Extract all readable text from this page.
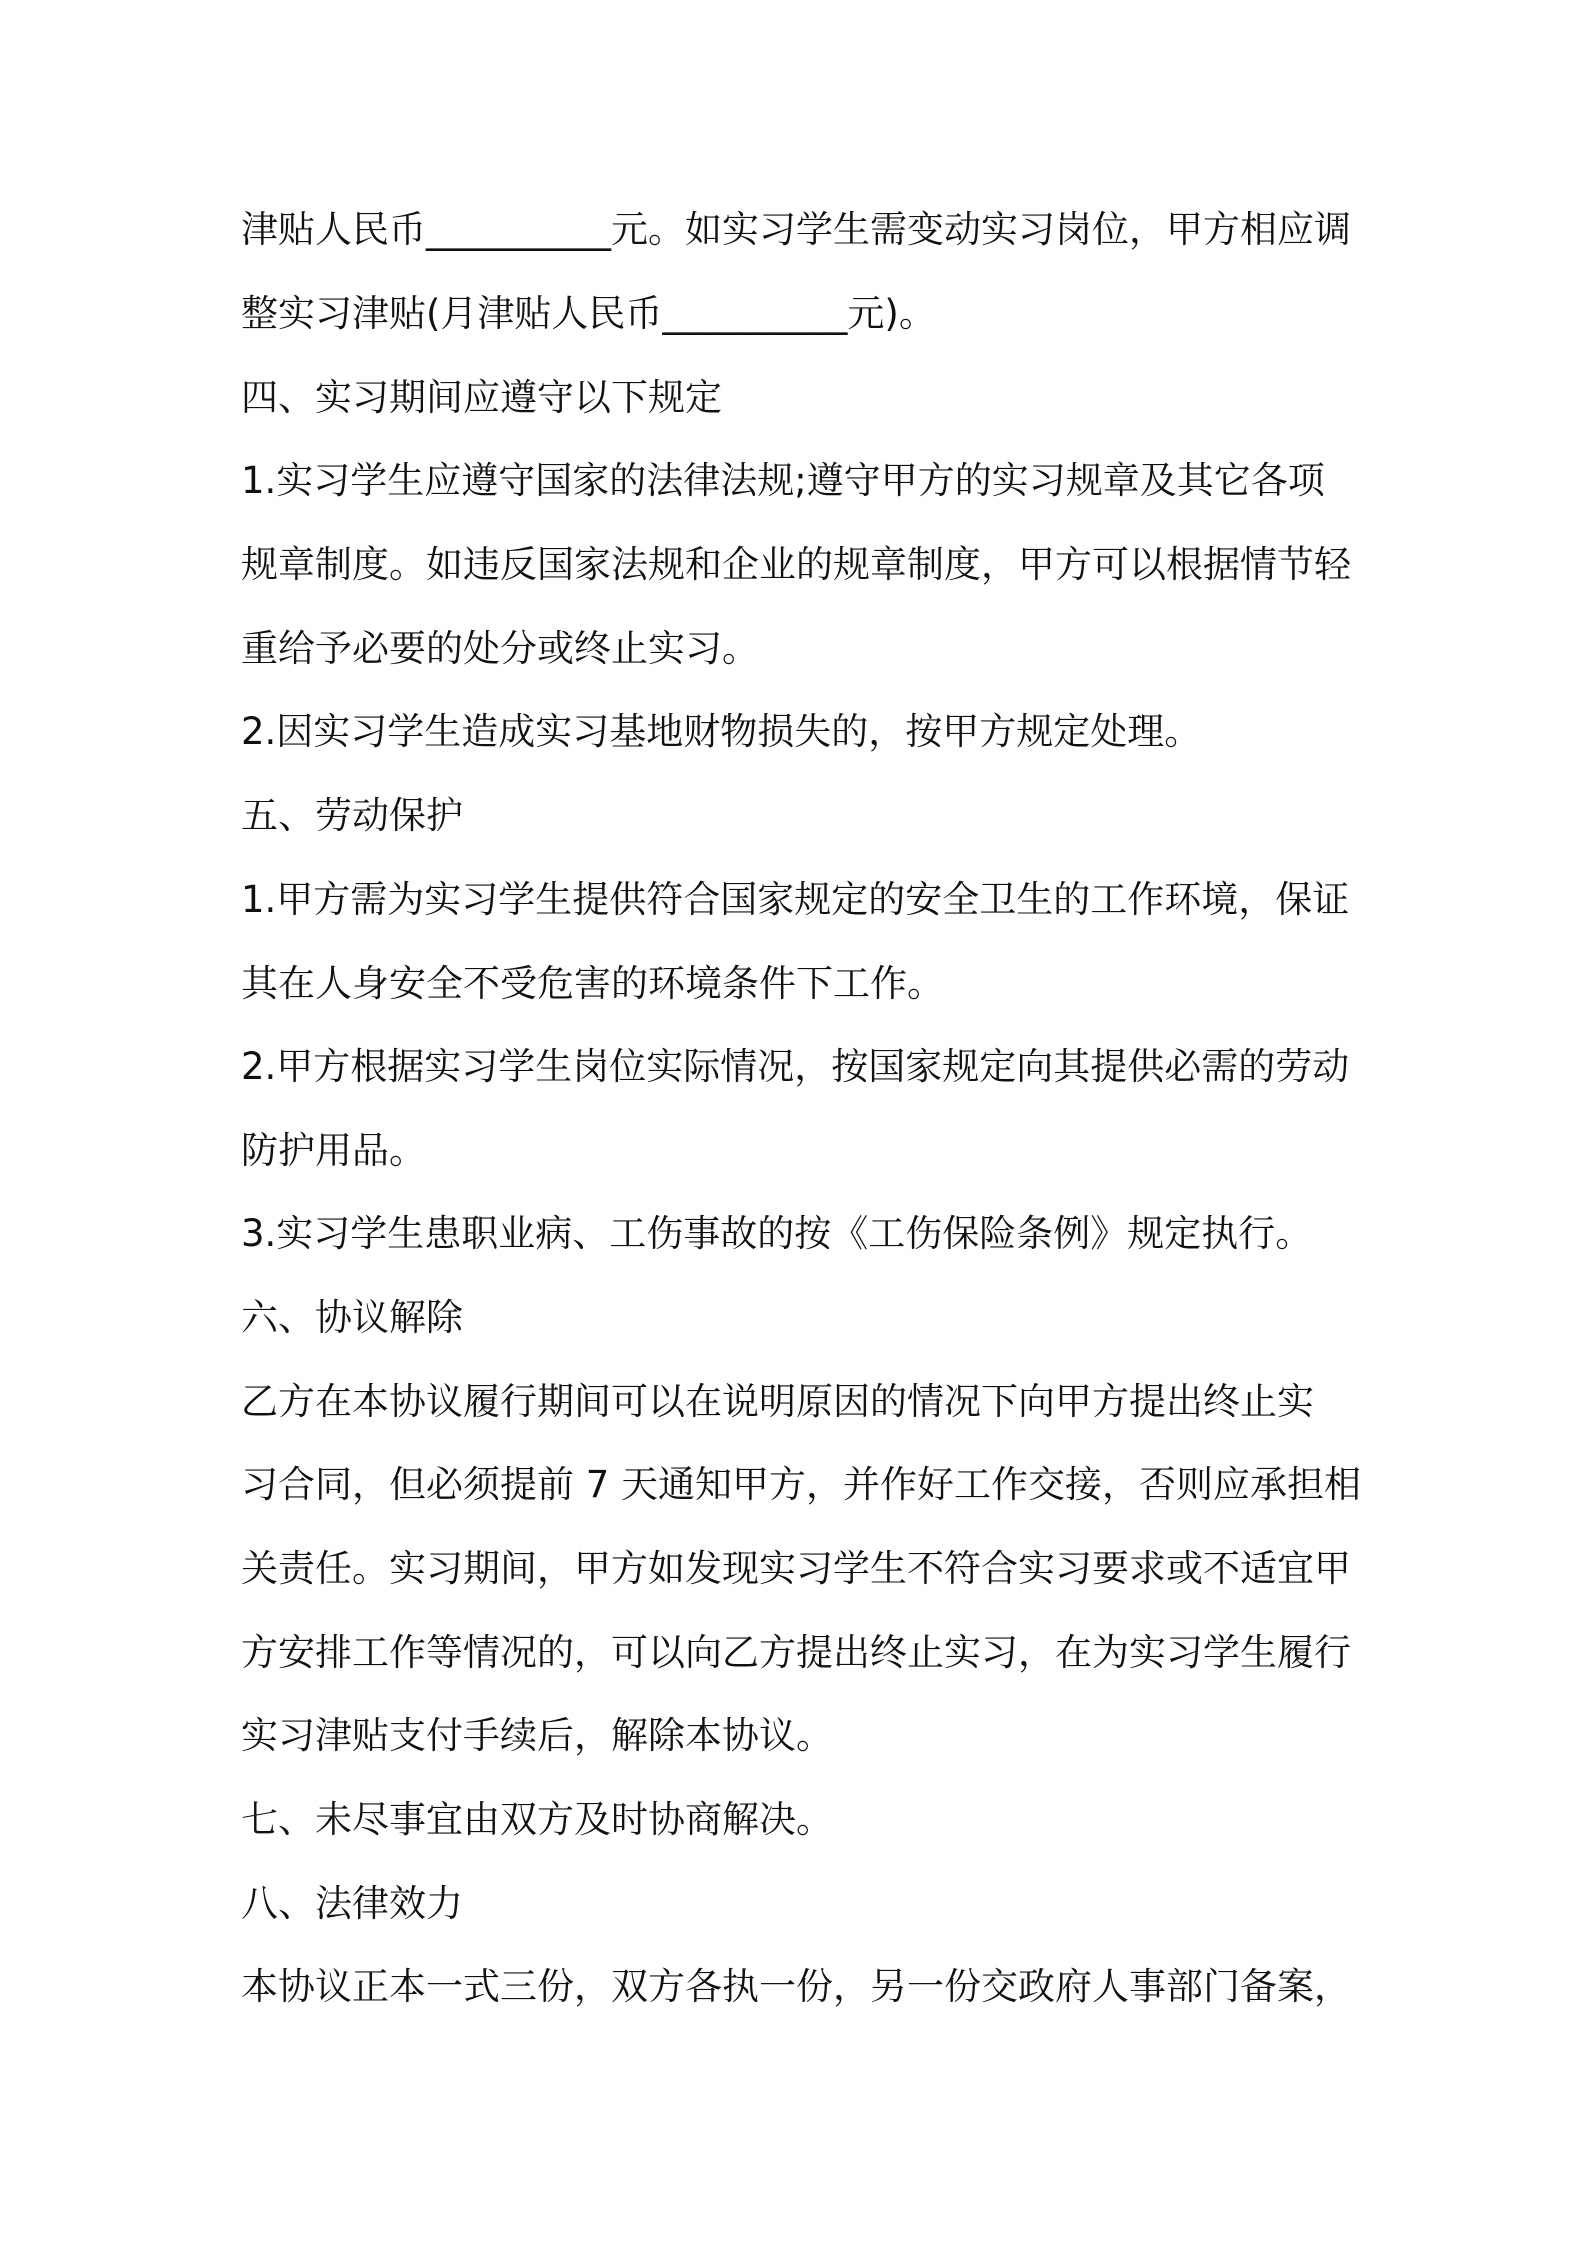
津贴人民币__________元。如实习学生需变动实习岗位，甲方相应调
整实习津贴(月津贴人民币__________元)。
四、实习期间应遵守以下规定
1.实习学生应遵守国家的法律法规;遵守甲方的实习规章及其它各项
规章制度。如违反国家法规和企业的规章制度，甲方可以根据情节轻
重给予必要的处分或终止实习。
2.因实习学生造成实习基地财物损失的，按甲方规定处理。
五、劳动保护
1.甲方需为实习学生提供符合国家规定的安全卫生的工作环境，保证
其在人身安全不受危害的环境条件下工作。
2.甲方根据实习学生岗位实际情况，按国家规定向其提供必需的劳动
防护用品。
3.实习学生患职业病、工伤事故的按《工伤保险条例》规定执行。
六、协议解除
乙方在本协议履行期间可以在说明原因的情况下向甲方提出终止实
习合同，但必须提前 7 天通知甲方，并作好工作交接，否则应承担相
关责任。实习期间，甲方如发现实习学生不符合实习要求或不适宜甲
方安排工作等情况的，可以向乙方提出终止实习，在为实习学生履行
实习津贴支付手续后，解除本协议。
七、未尽事宜由双方及时协商解决。
八、法律效力
本协议正本一式三份，双方各执一份，另一份交政府人事部门备案，
